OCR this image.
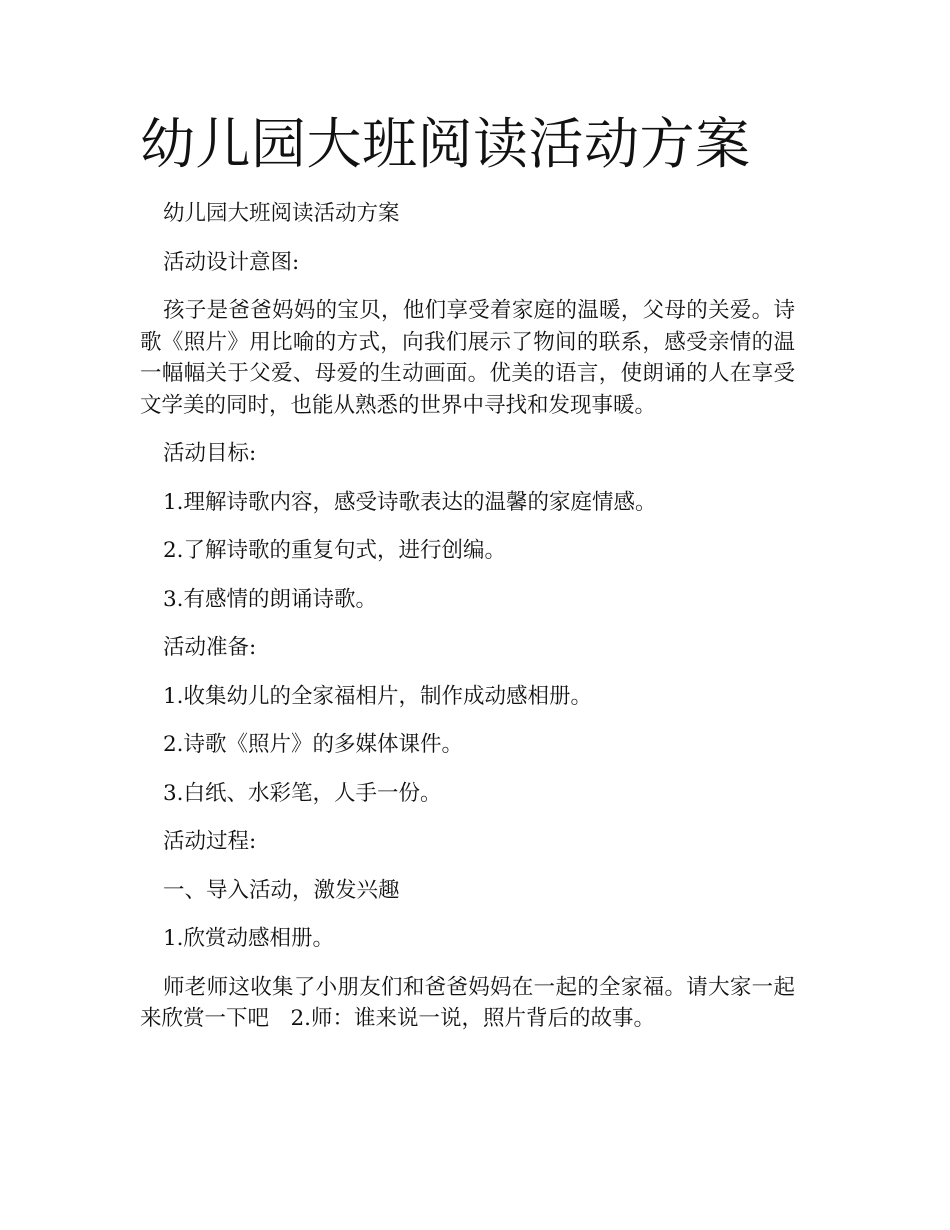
幼儿园大班阅读活动方案

幼儿园大班阅读活动方案

活动设计意图:

孩子是爸爸妈妈的宝贝，他们享受着家庭的温暖，父母的关爱。诗歌《照片》用比喻的方式，向我们展示了物间的联系，感受亲情的温一幅幅关于父爱、母爱的生动画面。优美的语言，使朗诵的人在享受文学美的同时，也能从熟悉的世界中寻找和发现事暖。

活动目标:

1.理解诗歌内容，感受诗歌表达的温馨的家庭情感。

2.了解诗歌的重复句式，进行创编。

3.有感情的朗诵诗歌。

活动准备:

1.收集幼儿的全家福相片，制作成动感相册。

2.诗歌《照片》的多媒体课件。

3.白纸、水彩笔，人手一份。

活动过程:

一、导入活动，激发兴趣

1.欣赏动感相册。

师老师这收集了小朋友们和爸爸妈妈在一起的全家福。请大家一起来欣赏一下吧　2.师：谁来说一说，照片背后的故事。
